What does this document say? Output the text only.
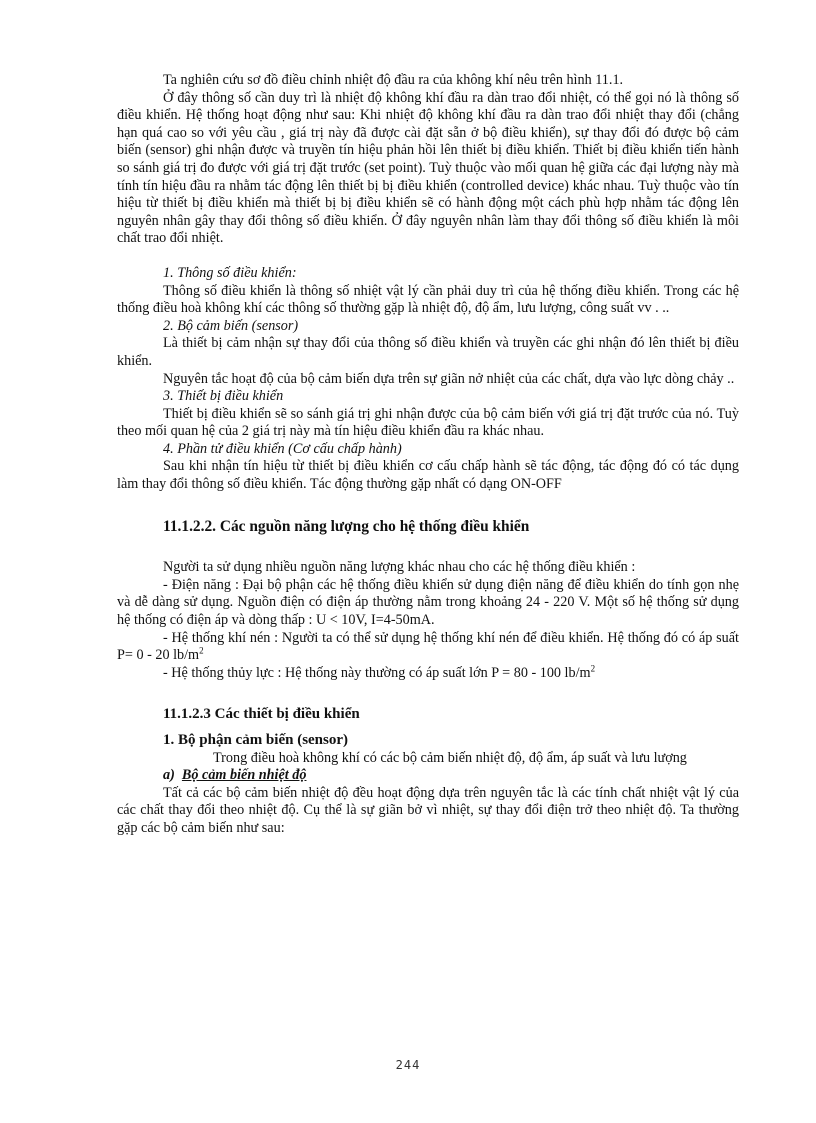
Ta nghiên cứu sơ đồ điều chỉnh nhiệt độ đầu ra của không khí nêu trên hình 11.1.

Ở đây thông số cần duy trì là nhiệt độ không khí đầu ra dàn trao đổi nhiệt, có thể gọi nó là thông số điều khiển. Hệ thống hoạt động như sau: Khi nhiệt độ không khí đầu ra dàn trao đổi nhiệt thay đổi (chẳng hạn quá cao so với yêu cầu , giá trị này đã được cài đặt sẵn ở bộ điều khiển), sự thay đổi đó được bộ cảm biến (sensor) ghi nhận được và truyền tín hiệu phản hồi lên thiết bị điều khiển. Thiết bị điều khiển tiến hành so sánh giá trị đo được với giá trị đặt trước (set point). Tuỳ thuộc vào mối quan hệ giữa các đại lượng này mà tính tín hiệu đầu ra nhằm tác động lên thiết bị bị điều khiển (controlled device) khác nhau. Tuỳ thuộc vào tín hiệu từ thiết bị điều khiển mà thiết bị bị điều khiển sẽ có hành động một cách phù hợp nhằm tác động lên nguyên nhân gây thay đổi thông số điều khiển. Ở đây nguyên nhân làm thay đổi thông số điều khiển là môi chất trao đổi nhiệt.

1. Thông số điều khiển:

Thông số điều khiển là thông số nhiệt vật lý cần phải duy trì của hệ thống điều khiển. Trong các hệ thống điều hoà không khí các thông số thường gặp là nhiệt độ, độ ẩm, lưu lượng, công suất vv . ..

2. Bộ cảm biến (sensor)

Là thiết bị cảm nhận sự thay đổi của thông số điều khiển và truyền các ghi nhận đó lên thiết bị điều khiển.

Nguyên tắc hoạt độ của bộ cảm biến dựa trên sự giãn nở nhiệt của các chất, dựa vào lực dòng chảy ..

3. Thiết bị điều khiển

Thiết bị điều khiển sẽ so sánh giá trị ghi nhận được của bộ cảm biến với giá trị đặt trước của nó. Tuỳ theo mối quan hệ của 2 giá trị này mà tín hiệu điều khiển đầu ra khác nhau.

4. Phần tử điều khiển (Cơ cấu chấp hành)

Sau khi nhận tín hiệu từ thiết bị điều khiển cơ cấu chấp hành sẽ tác động, tác động đó có tác dụng làm thay đổi thông số điều khiển. Tác động thường gặp nhất có dạng ON-OFF

11.1.2.2. Các nguồn năng lượng cho hệ thống điều khiển

Người ta sử dụng nhiều nguồn năng lượng khác nhau cho các hệ thống điều khiển :

- Điện năng : Đại bộ phận các hệ thống điều khiển sử dụng điện năng để điều khiển do tính gọn nhẹ và dễ dàng sử dụng. Nguồn điện có điện áp thường nằm trong khoảng 24 - 220 V. Một số hệ thống sử dụng hệ thống có điện áp và dòng thấp : U < 10V, I=4-50mA.

- Hệ thống khí nén : Người ta có thể sử dụng hệ thống khí nén để điều khiển. Hệ thống đó có áp suất P= 0 - 20 $lb/m^2$

- Hệ thống thủy lực : Hệ thống này thường có áp suất lớn P = 80 - 100 $lb/m^2$

11.1.2.3 Các thiết bị điều khiển

1. Bộ phận cảm biến (sensor)

Trong điều hoà không khí có các bộ cảm biến nhiệt độ, độ ẩm, áp suất và lưu lượng

a) Bộ cảm biến nhiệt độ

Tất cả các bộ cảm biến nhiệt độ đều hoạt động dựa trên nguyên tắc là các tính chất nhiệt vật lý của các chất thay đổi theo nhiệt độ. Cụ thể là sự giãn bở vì nhiệt, sự thay đổi điện trở theo nhiệt độ. Ta thường gặp các bộ cảm biến như sau:

244
